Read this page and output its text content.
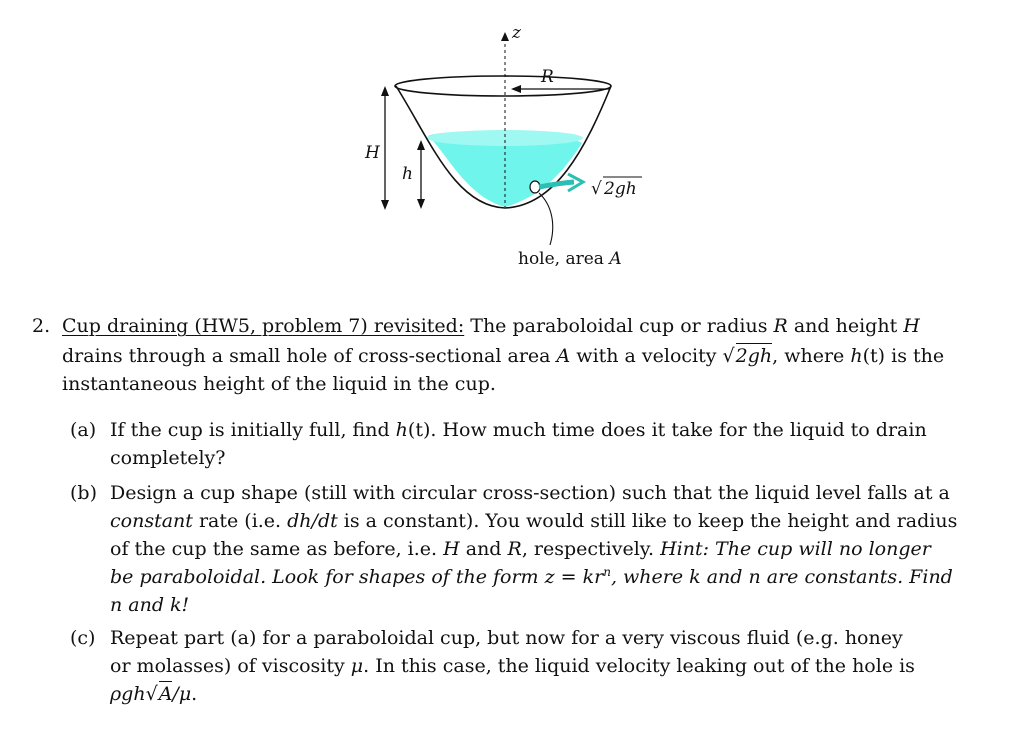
z
R
H
h
√ 2gh
hole, area A
2. Cup draining (HW5, problem 7) revisited: The paraboloidal cup or radius R and height H
drains through a small hole of cross-sectional area A with a velocity √2gh, where h(t) is the
instantaneous height of the liquid in the cup.
(a) If the cup is initially full, find h(t). How much time does it take for the liquid to drain
completely?
(b) Design a cup shape (still with circular cross-section) such that the liquid level falls at a
constant rate (i.e. dh/dt is a constant). You would still like to keep the height and radius
of the cup the same as before, i.e. H and R, respectively. Hint: The cup will no longer
be paraboloidal. Look for shapes of the form $z = kr^n$, where k and n are constants. Find
n and k!
(c) Repeat part (a) for a paraboloidal cup, but now for a very viscous fluid (e.g. honey
or molasses) of viscosity μ. In this case, the liquid velocity leaking out of the hole is
ρgh√A/μ.
